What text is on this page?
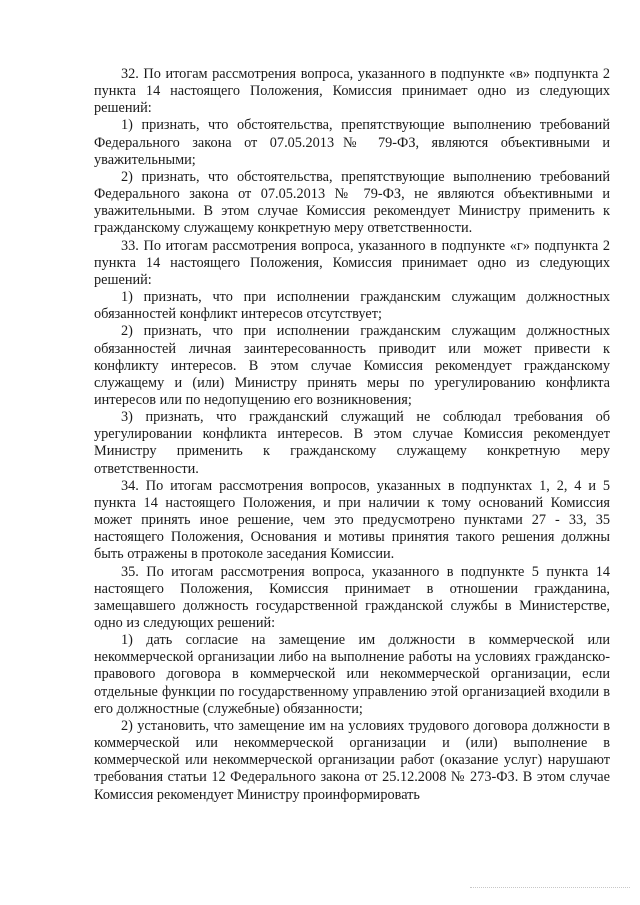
32. По итогам рассмотрения вопроса, указанного в подпункте «в» подпункта 2 пункта 14 настоящего Положения, Комиссия принимает одно из следующих решений:

1) признать, что обстоятельства, препятствующие выполнению требований Федерального закона от 07.05.2013№ 79-ФЗ, являются объективными и уважительными;

2) признать, что обстоятельства, препятствующие выполнению требований Федерального закона от 07.05.2013 № 79-ФЗ, не являются объективными и уважительными. В этом случае Комиссия рекомендует Министру применить к гражданскому служащему конкретную меру ответственности.

33. По итогам рассмотрения вопроса, указанного в подпункте «г» подпункта 2 пункта 14 настоящего Положения, Комиссия принимает одно из следующих решений:

1) признать, что при исполнении гражданским служащим должностных обязанностей конфликт интересов отсутствует;

2) признать, что при исполнении гражданским служащим должностных обязанностей личная заинтересованность приводит или может привести к конфликту интересов. В этом случае Комиссия рекомендует гражданскому служащему и (или) Министру принять меры по урегулированию конфликта интересов или по недопущению его возникновения;

3) признать, что гражданский служащий не соблюдал требования об урегулировании конфликта интересов. В этом случае Комиссия рекомендует Министру применить к гражданскому служащему конкретную меру ответственности.

34. По итогам рассмотрения вопросов, указанных в подпунктах 1, 2, 4 и 5 пункта 14 настоящего Положения, и при наличии к тому оснований Комиссия может принять иное решение, чем это предусмотрено пунктами 27 - 33, 35 настоящего Положения, Основания и мотивы принятия такого решения должны быть отражены в протоколе заседания Комиссии.

35. По итогам рассмотрения вопроса, указанного в подпункте 5 пункта 14 настоящего Положения, Комиссия принимает в отношении гражданина, замещавшего должность государственной гражданской службы в Министерстве, одно из следующих решений:

1) дать согласие на замещение им должности в коммерческой или некоммерческой организации либо на выполнение работы на условиях гражданско-правового договора в коммерческой или некоммерческой организации, если отдельные функции по государственному управлению этой организацией входили в его должностные (служебные) обязанности;

2) установить, что замещение им на условиях трудового договора должности в коммерческой или некоммерческой организации и (или) выполнение в коммерческой или некоммерческой организации работ (оказание услуг) нарушают требования статьи 12 Федерального закона от 25.12.2008 № 273-ФЗ. В этом случае Комиссия рекомендует Министру проинформировать
